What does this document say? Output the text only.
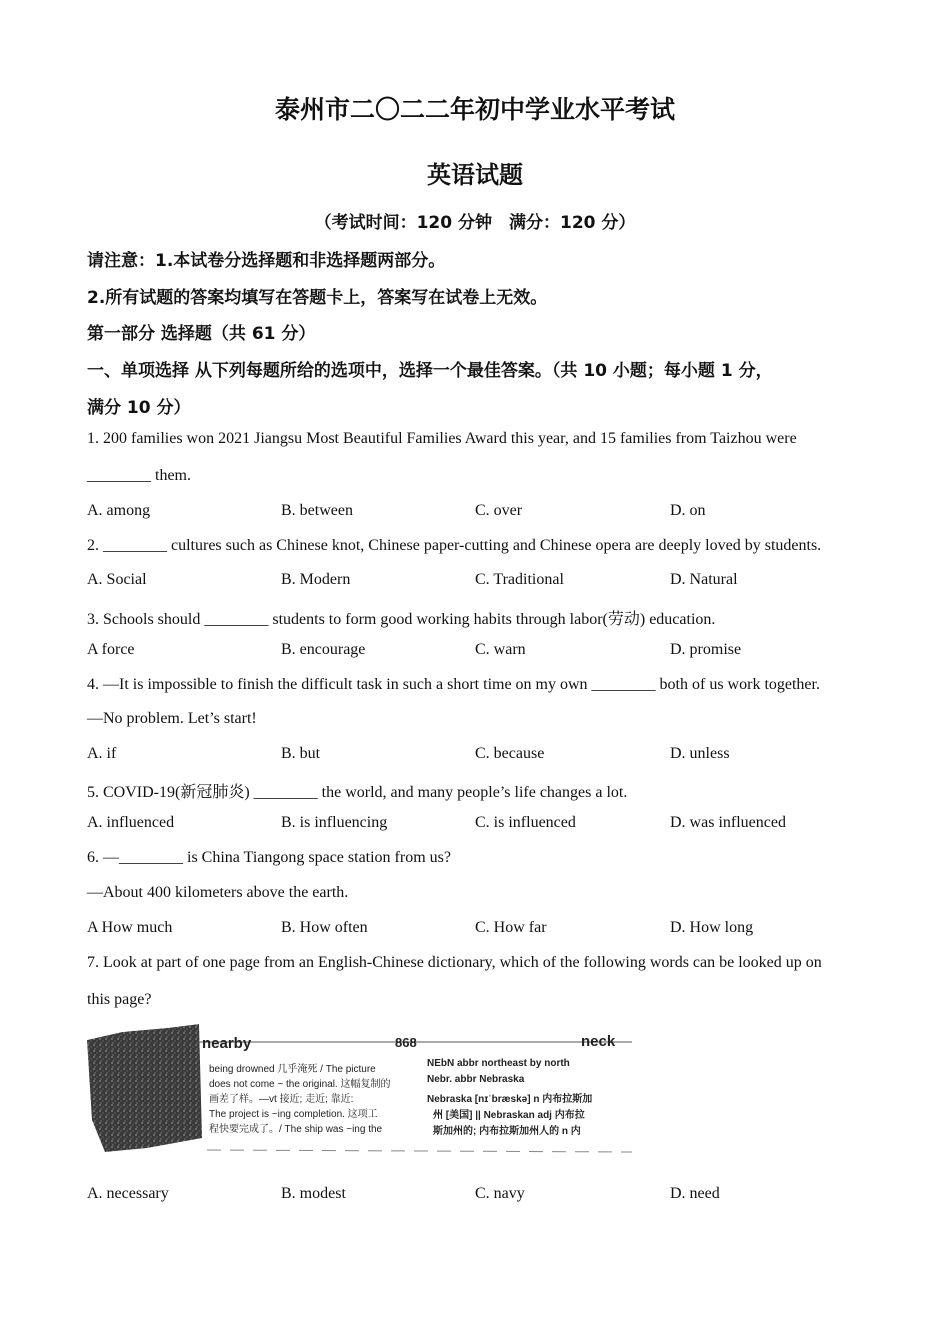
泰州市二〇二二年初中学业水平考试
英语试题
（考试时间：120 分钟　满分：120 分）
请注意：1.本试卷分选择题和非选择题两部分。
2.所有试题的答案均填写在答题卡上，答案写在试卷上无效。
第一部分 选择题（共 61 分）
一、单项选择 从下列每题所给的选项中，选择一个最佳答案。（共 10 小题；每小题 1 分，
满分 10 分）
1. 200 families won 2021 Jiangsu Most Beautiful Families Award this year, and 15 families from Taizhou were
________ them.
A. among	B. between	C. over	D. on
2. ________ cultures such as Chinese knot, Chinese paper-cutting and Chinese opera are deeply loved by students.
A. Social	B. Modern	C. Traditional	D. Natural
3. Schools should ________ students to form good working habits through labor(劳动) education.
A force	B. encourage	C. warn	D. promise
4. —It is impossible to finish the difficult task in such a short time on my own ________ both of us work together.
—No problem. Let’s start!
A. if	B. but	C. because	D. unless
5. COVID-19(新冠肺炎) ________ the world, and many people’s life changes a lot.
A. influenced	B. is influencing	C. is influenced	D. was influenced
6. —________ is China Tiangong space station from us?
—About 400 kilometers above the earth.
A How much	B. How often	C. How far	D. How long
7. Look at part of one page from an English-Chinese dictionary, which of the following words can be looked up on
this page?
nearby	868	neck
being drowned 几乎淹死 / The picture
does not come ~ the original. 这幅复制的
画差了样。—vt 接近; 走近; 靠近:
The project is ~ing completion. 这项工
程快要完成了。/ The ship was ~ing the
NEbN abbr northeast by north
Nebr. abbr Nebraska
Nebraska [nɪˈbræskə] n 内布拉斯加
州 [美国] || Nebraskan adj 内布拉
斯加州的; 内布拉斯加州人的 n 内
A. necessary	B. modest	C. navy	D. need
